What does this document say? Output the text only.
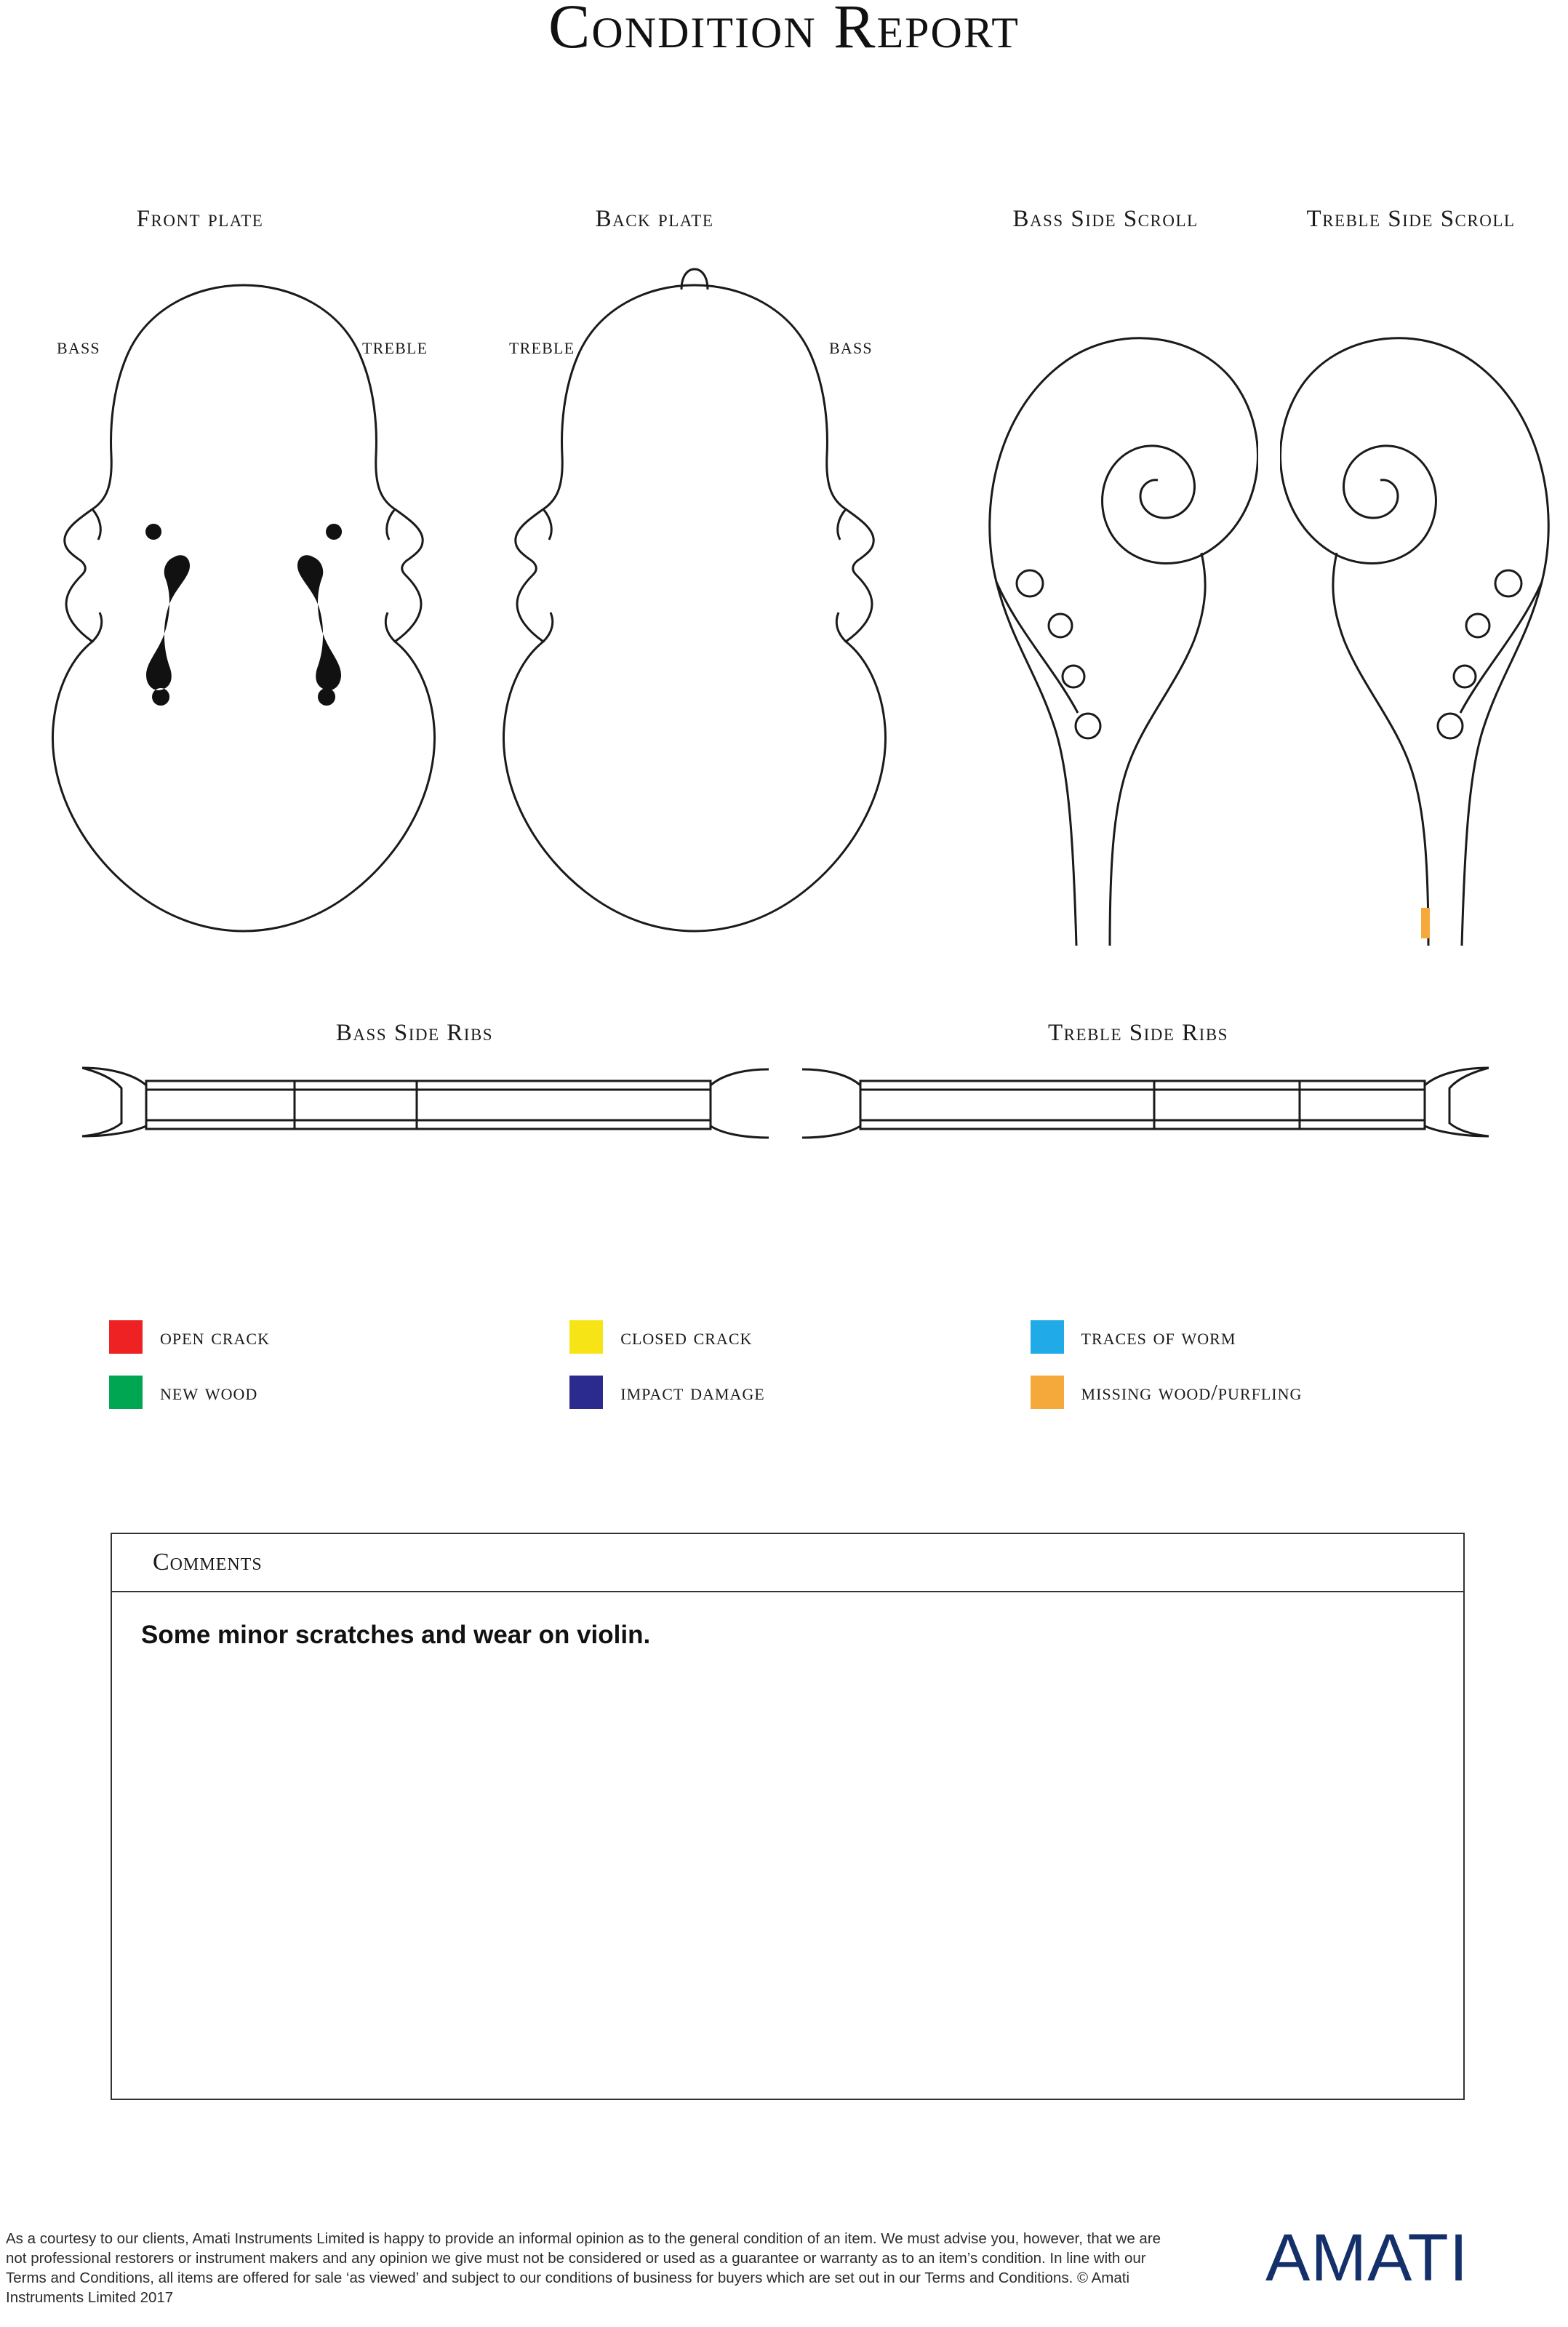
Condition Report
Front plate	Back plate	Bass Side Scroll	Treble Side Scroll
BASS	TREBLE	TREBLE	BASS
Bass Side Ribs	Treble Side Ribs
open crack	closed crack	traces of worm
new wood	impact damage	missing wood/purfling
Comments
Some minor scratches and wear on violin.
As a courtesy to our clients, Amati Instruments Limited is happy to provide an informal opinion as to the general condition of an item. We must advise you, however, that we are not professional restorers or instrument makers and any opinion we give must not be considered or used as a guarantee or warranty as to an item’s condition. In line with our Terms and Conditions, all items are offered for sale ‘as viewed’ and subject to our conditions of business for buyers which are set out in our Terms and Conditions. © Amati Instruments Limited 2017
AMATI
